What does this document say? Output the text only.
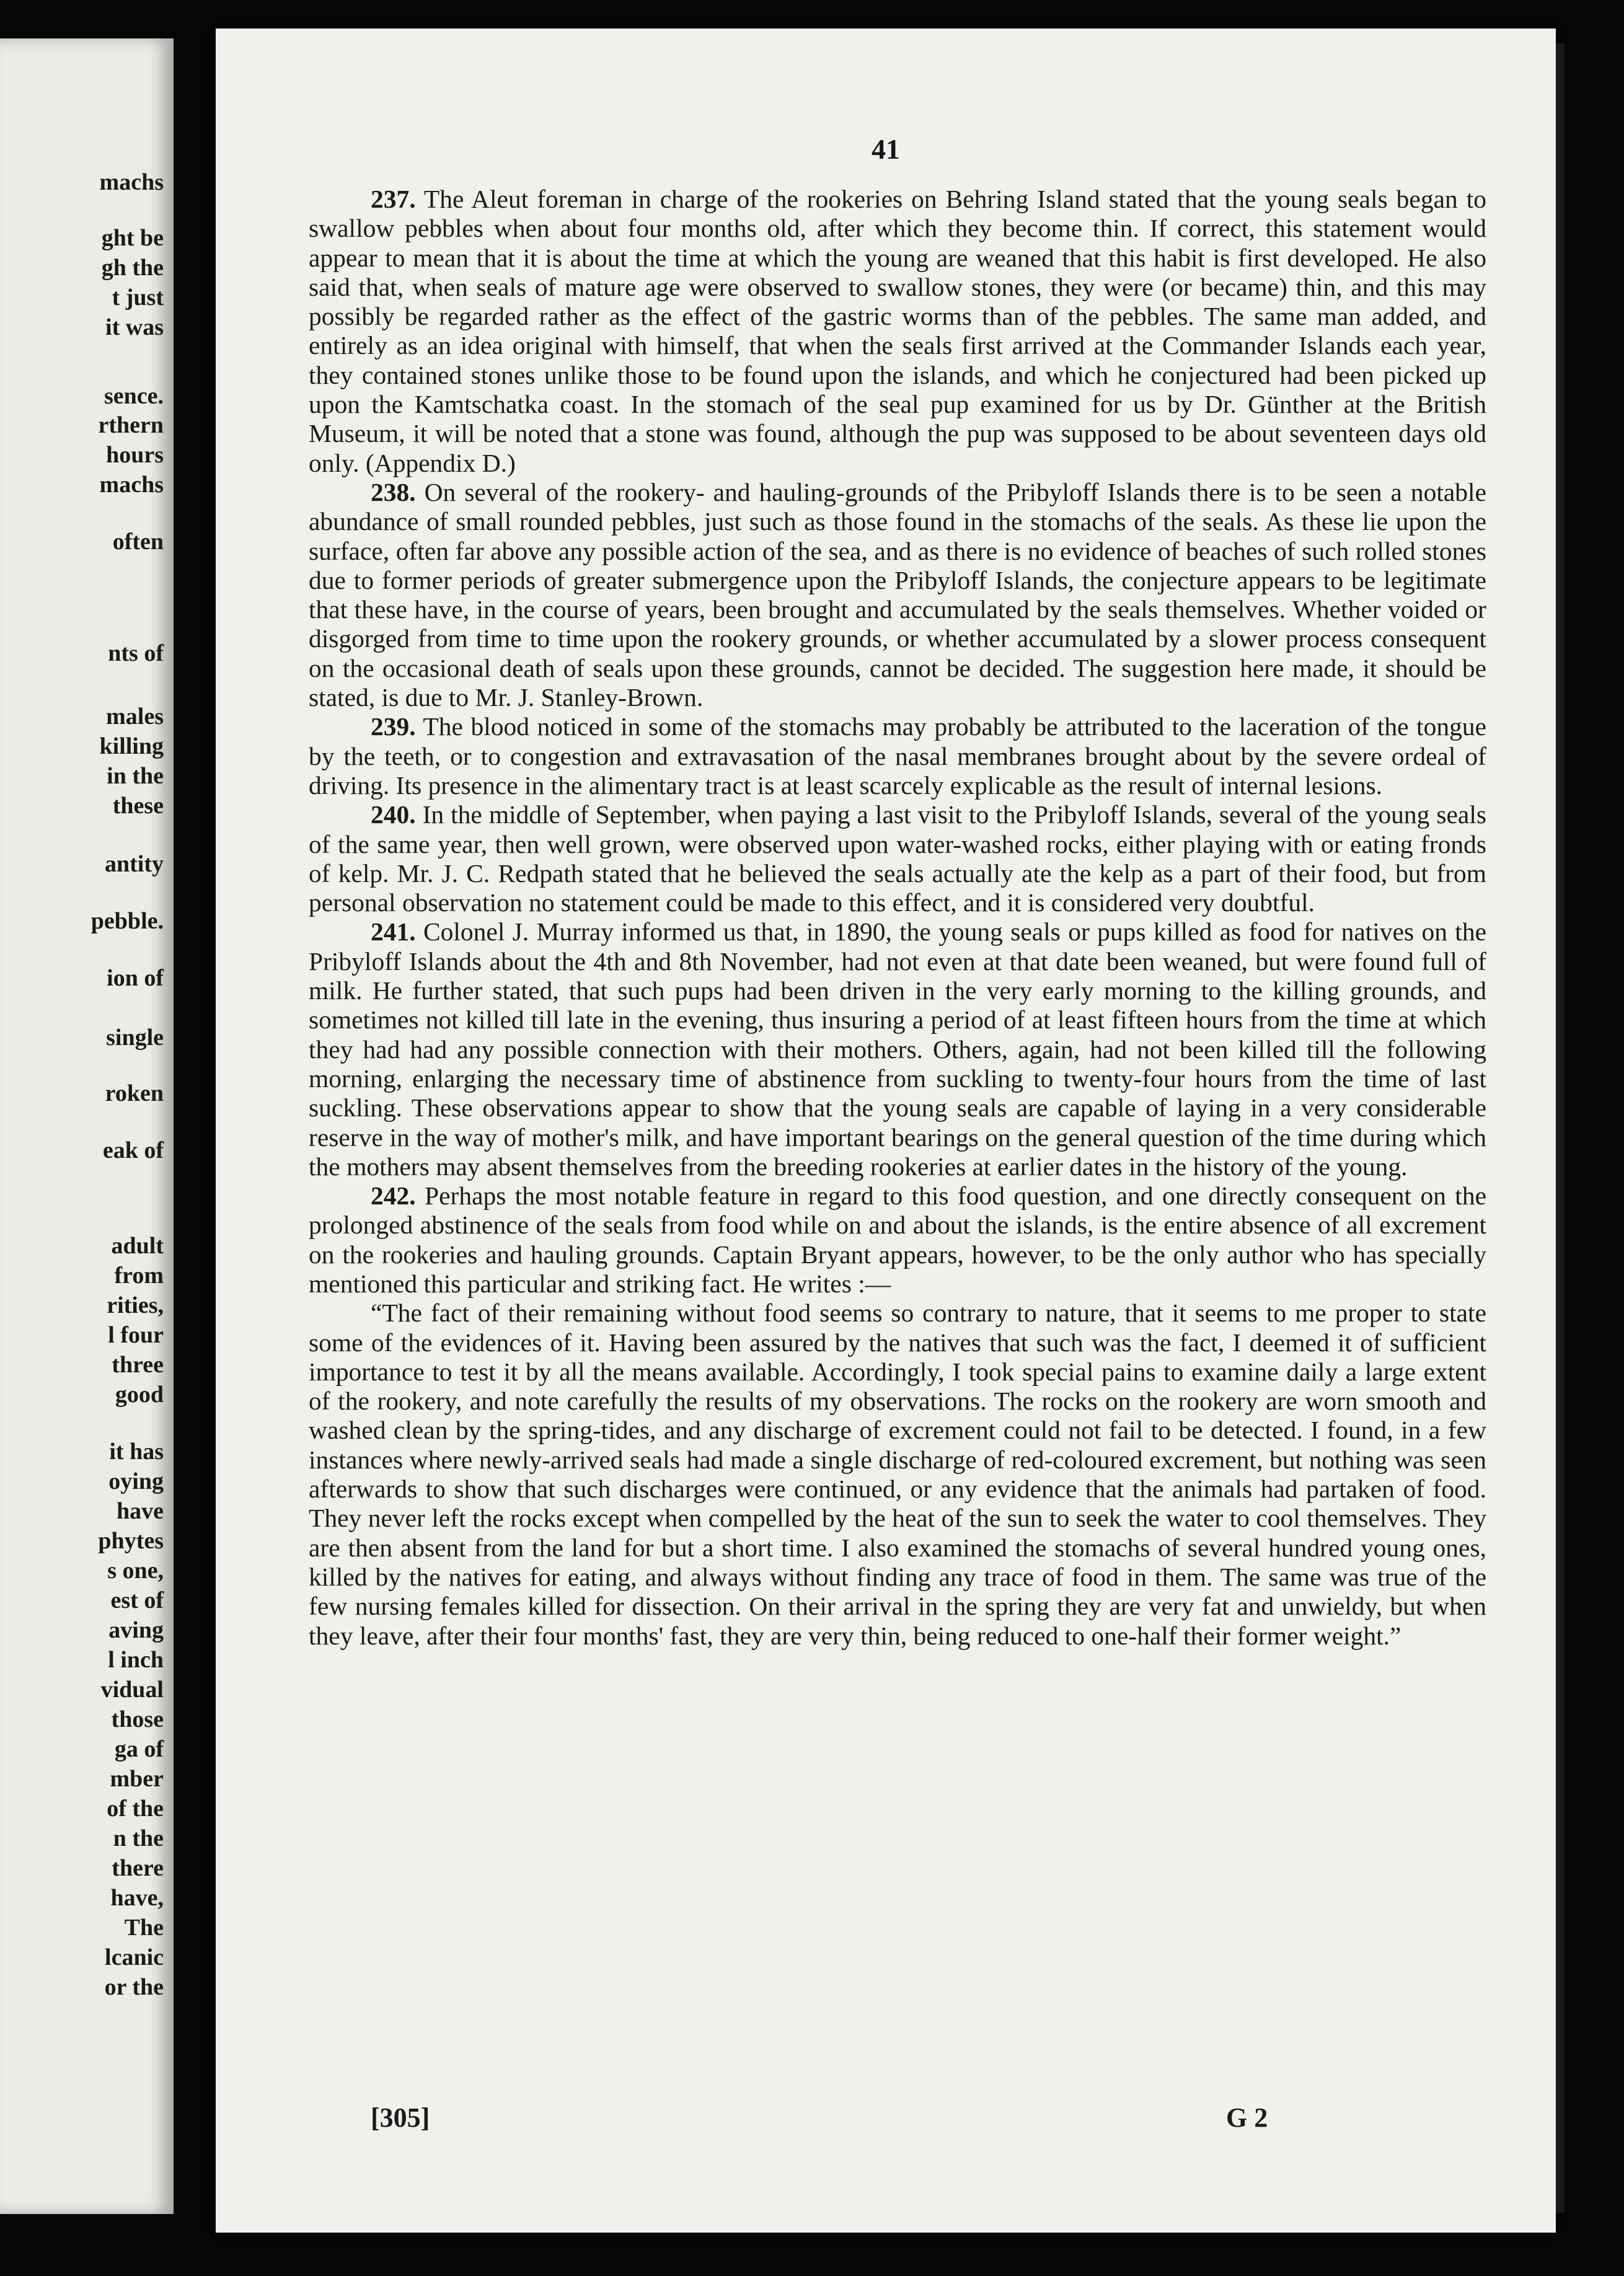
machs
ght be
gh the
t just
it was
sence.
rthern
hours
machs
often
nts of
males
killing
in the
these
antity
pebble.
ion of
single
roken
eak of
adult
from
rities,
l four
three
good
it has
oying
have
phytes
s one,
est of
aving
l inch
vidual
those
ga of
mber
of the
n the
there
have,
The
lcanic
or the
41

237. The Aleut foreman in charge of the rookeries on Behring Island stated that the young seals began to swallow pebbles when about four months old, after which they become thin. If correct, this statement would appear to mean that it is about the time at which the young are weaned that this habit is first developed. He also said that, when seals of mature age were observed to swallow stones, they were (or became) thin, and this may possibly be regarded rather as the effect of the gastric worms than of the pebbles. The same man added, and entirely as an idea original with himself, that when the seals first arrived at the Commander Islands each year, they contained stones unlike those to be found upon the islands, and which he conjectured had been picked up upon the Kamtschatka coast. In the stomach of the seal pup examined for us by Dr. Günther at the British Museum, it will be noted that a stone was found, although the pup was supposed to be about seventeen days old only. (Appendix D.)

238. On several of the rookery- and hauling-grounds of the Pribyloff Islands there is to be seen a notable abundance of small rounded pebbles, just such as those found in the stomachs of the seals. As these lie upon the surface, often far above any possible action of the sea, and as there is no evidence of beaches of such rolled stones due to former periods of greater submergence upon the Pribyloff Islands, the conjecture appears to be legitimate that these have, in the course of years, been brought and accumulated by the seals themselves. Whether voided or disgorged from time to time upon the rookery grounds, or whether accumulated by a slower process consequent on the occasional death of seals upon these grounds, cannot be decided. The suggestion here made, it should be stated, is due to Mr. J. Stanley-Brown.

239. The blood noticed in some of the stomachs may probably be attributed to the laceration of the tongue by the teeth, or to congestion and extravasation of the nasal membranes brought about by the severe ordeal of driving. Its presence in the alimentary tract is at least scarcely explicable as the result of internal lesions.

240. In the middle of September, when paying a last visit to the Pribyloff Islands, several of the young seals of the same year, then well grown, were observed upon water-washed rocks, either playing with or eating fronds of kelp. Mr. J. C. Redpath stated that he believed the seals actually ate the kelp as a part of their food, but from personal observation no statement could be made to this effect, and it is considered very doubtful.

241. Colonel J. Murray informed us that, in 1890, the young seals or pups killed as food for natives on the Pribyloff Islands about the 4th and 8th November, had not even at that date been weaned, but were found full of milk. He further stated, that such pups had been driven in the very early morning to the killing grounds, and sometimes not killed till late in the evening, thus insuring a period of at least fifteen hours from the time at which they had had any possible connection with their mothers. Others, again, had not been killed till the following morning, enlarging the necessary time of abstinence from suckling to twenty-four hours from the time of last suckling. These observations appear to show that the young seals are capable of laying in a very considerable reserve in the way of mother's milk, and have important bearings on the general question of the time during which the mothers may absent themselves from the breeding rookeries at earlier dates in the history of the young.

242. Perhaps the most notable feature in regard to this food question, and one directly consequent on the prolonged abstinence of the seals from food while on and about the islands, is the entire absence of all excrement on the rookeries and hauling grounds. Captain Bryant appears, however, to be the only author who has specially mentioned this particular and striking fact. He writes :—

“The fact of their remaining without food seems so contrary to nature, that it seems to me proper to state some of the evidences of it. Having been assured by the natives that such was the fact, I deemed it of sufficient importance to test it by all the means available. Accordingly, I took special pains to examine daily a large extent of the rookery, and note carefully the results of my observations. The rocks on the rookery are worn smooth and washed clean by the spring-tides, and any discharge of excrement could not fail to be detected. I found, in a few instances where newly-arrived seals had made a single discharge of red-coloured excrement, but nothing was seen afterwards to show that such discharges were continued, or any evidence that the animals had partaken of food. They never left the rocks except when compelled by the heat of the sun to seek the water to cool themselves. They are then absent from the land for but a short time. I also examined the stomachs of several hundred young ones, killed by the natives for eating, and always without finding any trace of food in them. The same was true of the few nursing females killed for dissection. On their arrival in the spring they are very fat and unwieldy, but when they leave, after their four months' fast, they are very thin, being reduced to one-half their former weight.”

[305]	G 2
